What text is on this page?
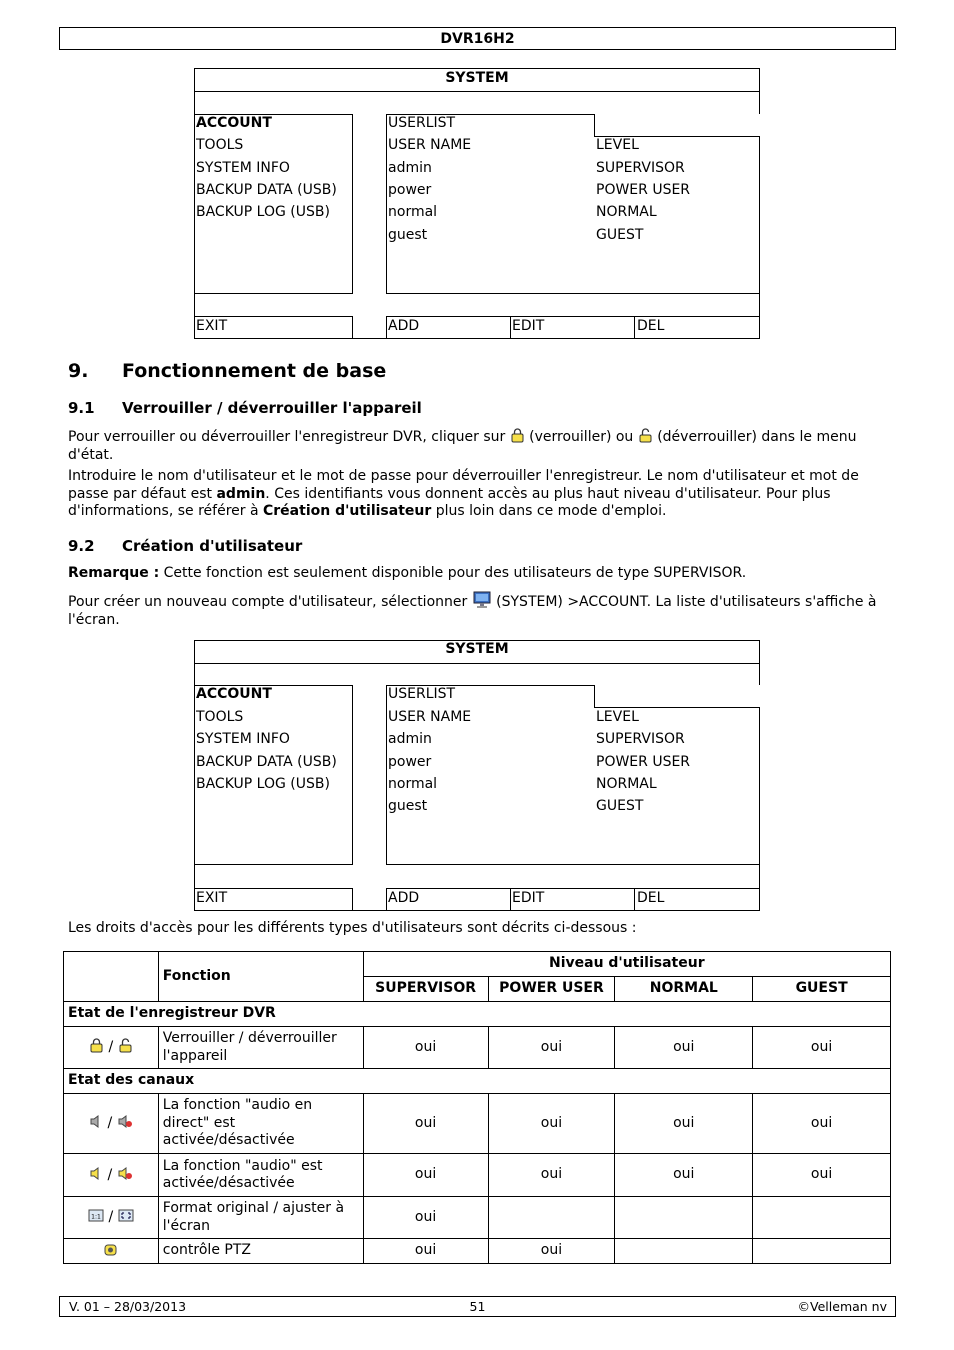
DVR16H2
SYSTEM
ACCOUNT
TOOLS
SYSTEM INFO
BACKUP DATA (USB)
BACKUP LOG (USB)
USERLIST
USER NAME	LEVEL
admin	SUPERVISOR
power	POWER USER
normal	NORMAL
guest	GUEST
EXIT	ADD	EDIT	DEL
9. Fonctionnement de base
9.1 Verrouiller / déverrouiller l'appareil

Pour verrouiller ou déverrouiller l'enregistreur DVR, cliquer sur  (verrouiller) ou  (déverrouiller) dans le menu d'état.

Introduire le nom d'utilisateur et le mot de passe pour déverrouiller l'enregistreur. Le nom d'utilisateur et mot de passe par défaut est admin. Ces identifiants vous donnent accès au plus haut niveau d'utilisateur. Pour plus d'informations, se référer à Création d'utilisateur plus loin dans ce mode d'emploi.

9.2 Création d'utilisateur

Remarque : Cette fonction est seulement disponible pour des utilisateurs de type SUPERVISOR.

Pour créer un nouveau compte d'utilisateur, sélectionner  (SYSTEM) >ACCOUNT. La liste d'utilisateurs s'affiche à l'écran.

SYSTEM
ACCOUNT
TOOLS
SYSTEM INFO
BACKUP DATA (USB)
BACKUP LOG (USB)
USERLIST
USER NAME	LEVEL
admin	SUPERVISOR
power	POWER USER
normal	NORMAL
guest	GUEST
EXIT	ADD	EDIT	DEL

Les droits d'accès pour les différents types d'utilisateurs sont décrits ci-dessous :

	Fonction	Niveau d'utilisateur			
		SUPERVISOR	POWER USER	NORMAL	GUEST
Etat de l'enregistreur DVR					
/	Verrouiller / déverrouiller l'appareil	oui	oui	oui	oui
Etat des canaux					
/	La fonction "audio en direct" est activée/désactivée	oui	oui	oui	oui
/	La fonction "audio" est activée/désactivée	oui	oui	oui	oui

1:1 /	Format original / ajuster à l'écran	oui			
	contrôle PTZ	oui	oui		
V. 01 – 28/03/2013	51	©Velleman nv
